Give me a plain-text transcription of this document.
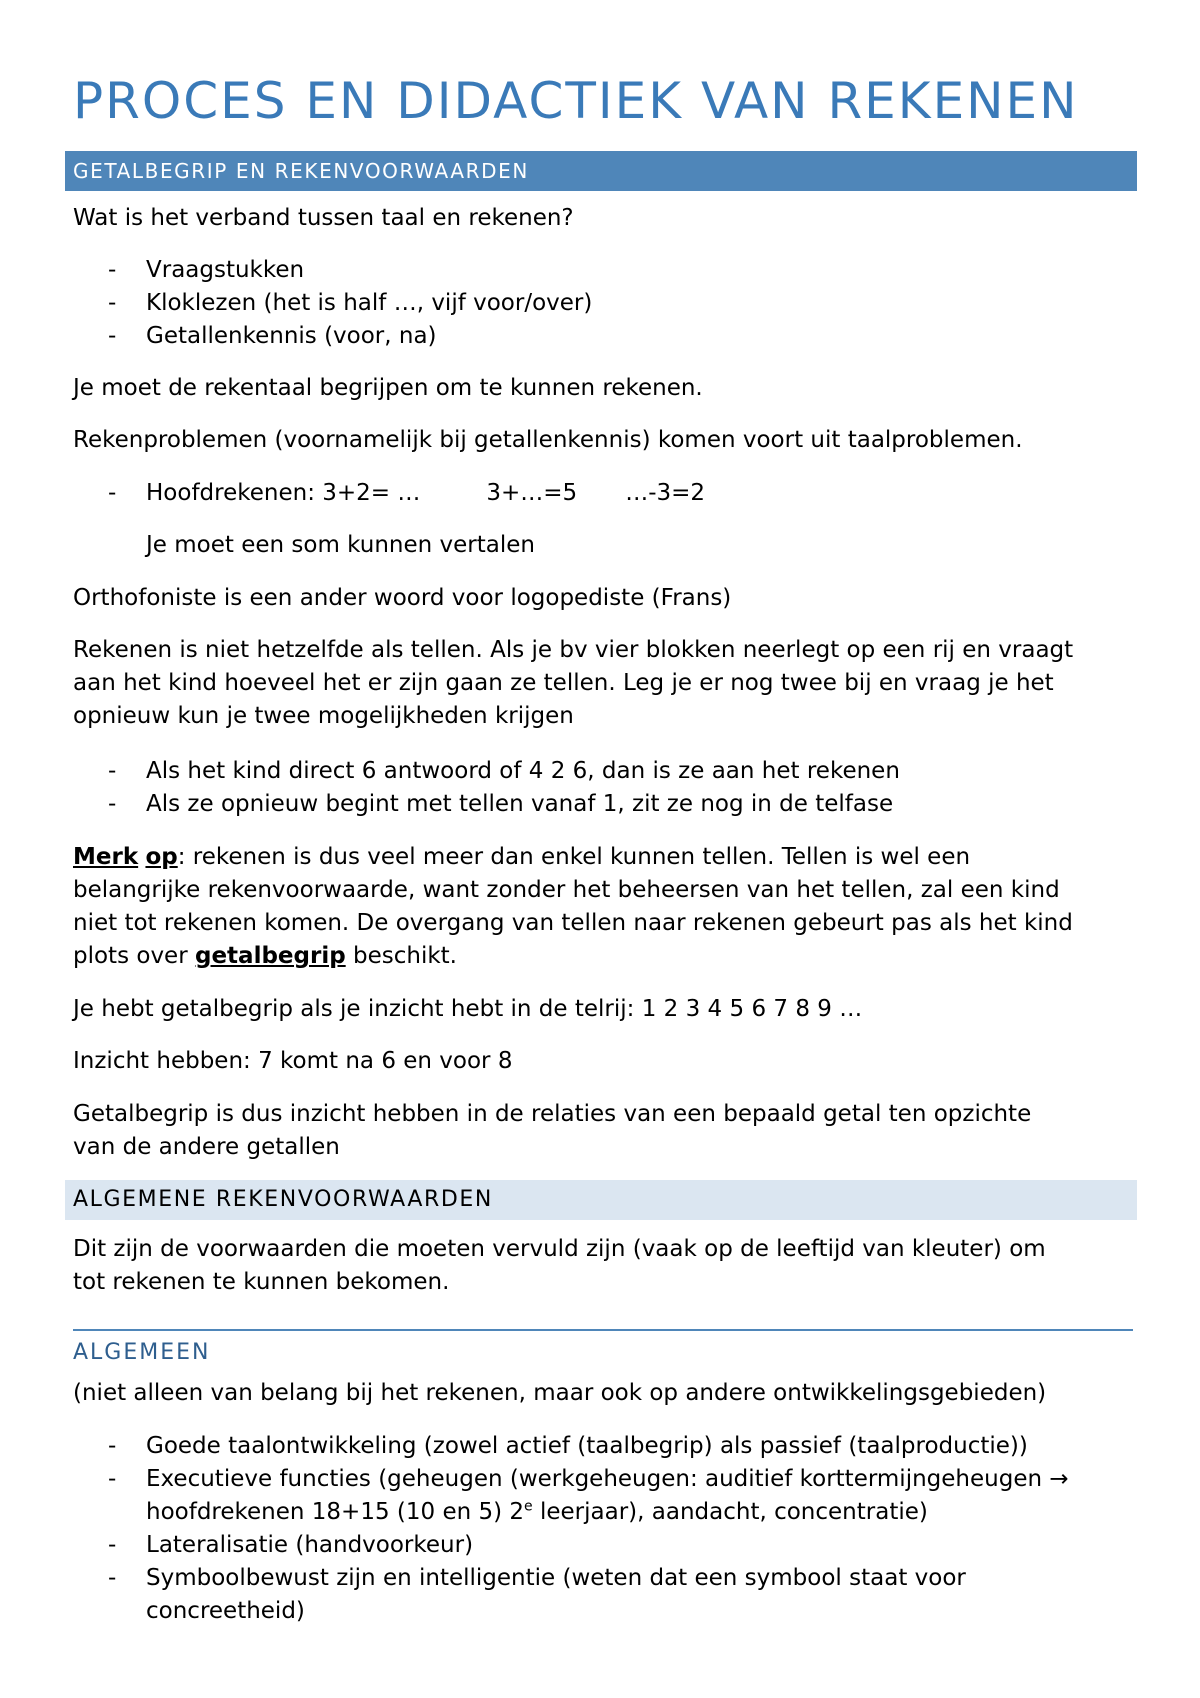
PROCES EN DIDACTIEK VAN REKENEN
GETALBEGRIP EN REKENVOORWAARDEN

Wat is het verband tussen taal en rekenen?

- Vraagstukken
- Kloklezen (het is half …, vijf voor/over)
- Getallenkennis (voor, na)

Je moet de rekentaal begrijpen om te kunnen rekenen.

Rekenproblemen (voornamelijk bij getallenkennis) komen voort uit taalproblemen.

- Hoofdrekenen: 3+2= …	3+…=5 …-3=2

Je moet een som kunnen vertalen

Orthofoniste is een ander woord voor logopediste (Frans)

Rekenen is niet hetzelfde als tellen. Als je bv vier blokken neerlegt op een rij en vraagt
aan het kind hoeveel het er zijn gaan ze tellen. Leg je er nog twee bij en vraag je het
opnieuw kun je twee mogelijkheden krijgen

- Als het kind direct 6 antwoord of 4 2 6, dan is ze aan het rekenen
- Als ze opnieuw begint met tellen vanaf 1, zit ze nog in de telfase

Merk op: rekenen is dus veel meer dan enkel kunnen tellen. Tellen is wel een
belangrijke rekenvoorwaarde, want zonder het beheersen van het tellen, zal een kind
niet tot rekenen komen. De overgang van tellen naar rekenen gebeurt pas als het kind
plots over getalbegrip beschikt.

Je hebt getalbegrip als je inzicht hebt in de telrij: 1 2 3 4 5 6 7 8 9 …

Inzicht hebben: 7 komt na 6 en voor 8

Getalbegrip is dus inzicht hebben in de relaties van een bepaald getal ten opzichte
van de andere getallen

ALGEMENE REKENVOORWAARDEN

Dit zijn de voorwaarden die moeten vervuld zijn (vaak op de leeftijd van kleuter) om
tot rekenen te kunnen bekomen.

ALGEMEEN

(niet alleen van belang bij het rekenen, maar ook op andere ontwikkelingsgebieden)

- Goede taalontwikkeling (zowel actief (taalbegrip) als passief (taalproductie))
- Executieve functies (geheugen (werkgeheugen: auditief korttermijngeheugen →
hoofdrekenen 18+15 (10 en 5) 2e leerjaar), aandacht, concentratie)
- Lateralisatie (handvoorkeur)
- Symboolbewust zijn en intelligentie (weten dat een symbool staat voor
concreetheid)
